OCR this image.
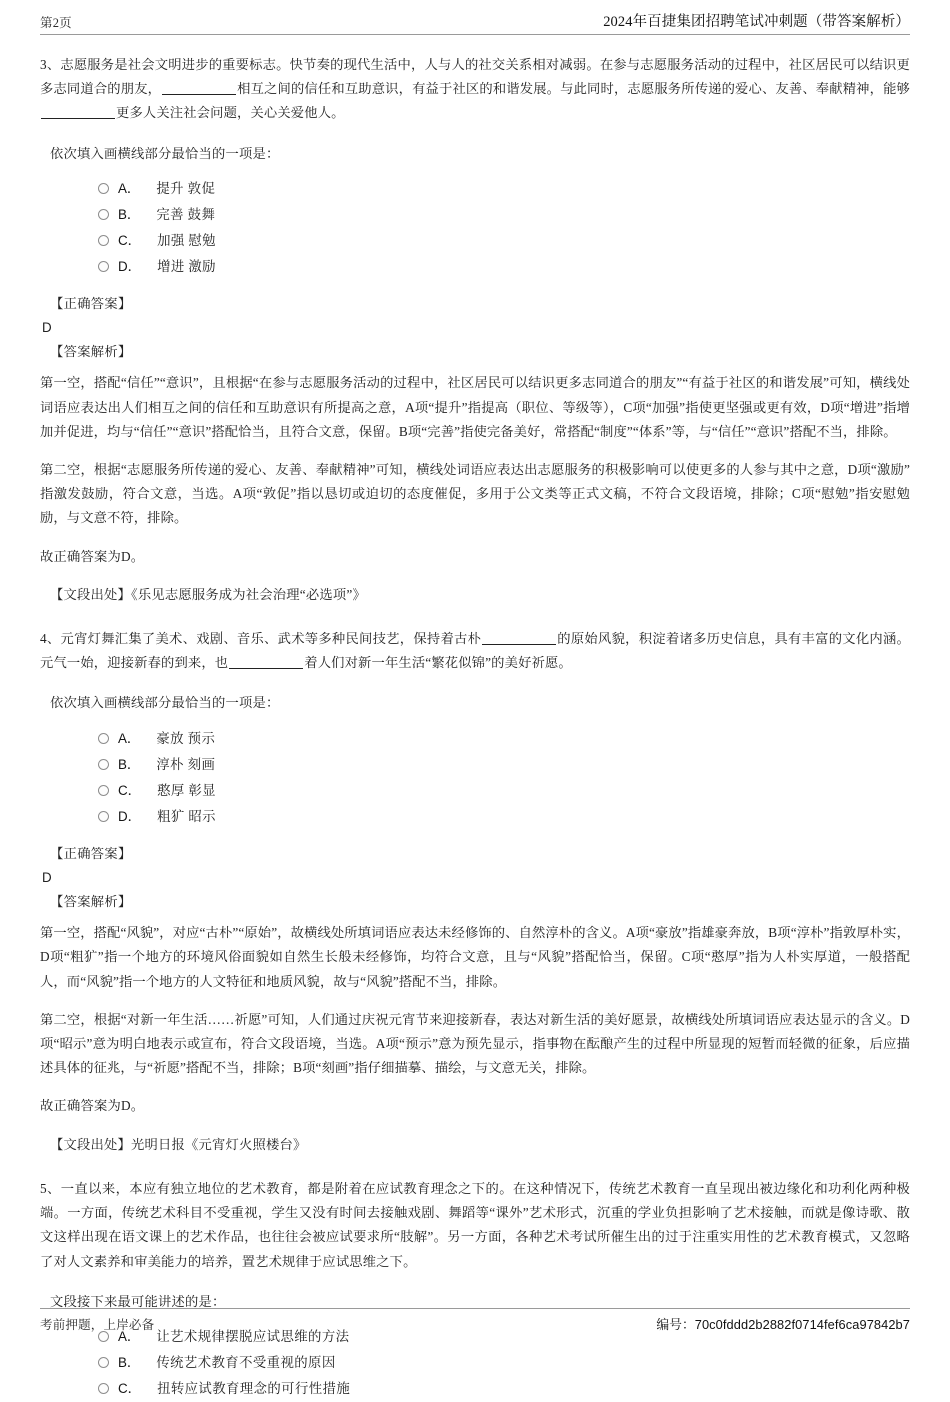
第2页	2024年百捷集团招聘笔试冲刺题（带答案解析）

3、志愿服务是社会文明进步的重要标志。快节奏的现代生活中，人与人的社交关系相对减弱。在参与志愿服务活动的过程中，社区居民可以结识更多志同道合的朋友，	相互之间的信任和互助意识，有益于社区的和谐发展。与此同时，志愿服务所传递的爱心、友善、奉献精神，能够更多人关注社会问题，关心关爱他人。

依次填入画横线部分最恰当的一项是：

A． 提升 敦促
B． 完善 鼓舞
C． 加强 慰勉
D． 增进 激励

【正确答案】

D

【答案解析】

第一空，搭配“信任”“意识”，且根据“在参与志愿服务活动的过程中，社区居民可以结识更多志同道合的朋友”“有益于社区的和谐发展”可知，横线处词语应表达出人们相互之间的信任和互助意识有所提高之意，A项“提升”指提高（职位、等级等），C项“加强”指使更坚强或更有效，D项“增进”指增加并促进，均与“信任”“意识”搭配恰当，且符合文意，保留。B项“完善”指使完备美好，常搭配“制度”“体系”等，与“信任”“意识”搭配不当，排除。

第二空，根据“志愿服务所传递的爱心、友善、奉献精神”可知，横线处词语应表达出志愿服务的积极影响可以使更多的人参与其中之意，D项“激励”指激发鼓励，符合文意，当选。A项“敦促”指以恳切或迫切的态度催促，多用于公文类等正式文稿，不符合文段语境，排除；C项“慰勉”指安慰勉励，与文意不符，排除。

故正确答案为D。

【文段出处】《乐见志愿服务成为社会治理“必选项”》

4、元宵灯舞汇集了美术、戏剧、音乐、武术等多种民间技艺，保持着古朴	的原始风貌，积淀着诸多历史信息，具有丰富的文化内涵。元气一始，迎接新春的到来，也	着人们对新一年生活“繁花似锦”的美好祈愿。

依次填入画横线部分最恰当的一项是：

A． 豪放 预示
B． 淳朴 刻画
C． 憨厚 彰显
D． 粗犷 昭示

【正确答案】

D

【答案解析】

第一空，搭配“风貌”，对应“古朴”“原始”，故横线处所填词语应表达未经修饰的、自然淳朴的含义。A项“豪放”指雄豪奔放，B项“淳朴”指敦厚朴实，D项“粗犷”指一个地方的环境风俗面貌如自然生长般未经修饰，均符合文意，且与“风貌”搭配恰当，保留。C项“憨厚”指为人朴实厚道，一般搭配人，而“风貌”指一个地方的人文特征和地质风貌，故与“风貌”搭配不当，排除。

第二空，根据“对新一年生活……祈愿”可知，人们通过庆祝元宵节来迎接新春，表达对新生活的美好愿景，故横线处所填词语应表达显示的含义。D项“昭示”意为明白地表示或宣布，符合文段语境，当选。A项“预示”意为预先显示，指事物在酝酿产生的过程中所显现的短暂而轻微的征象，后应描述具体的征兆，与“祈愿”搭配不当，排除；B项“刻画”指仔细描摹、描绘，与文意无关，排除。

故正确答案为D。

【文段出处】光明日报《元宵灯火照楼台》

5、一直以来，本应有独立地位的艺术教育，都是附着在应试教育理念之下的。在这种情况下，传统艺术教育一直呈现出被边缘化和功利化两种极端。一方面，传统艺术科目不受重视，学生又没有时间去接触戏剧、舞蹈等“课外”艺术形式，沉重的学业负担影响了艺术接触，而就是像诗歌、散文这样出现在语文课上的艺术作品，也往往会被应试要求所“肢解”。另一方面，各种艺术考试所催生出的过于注重实用性的艺术教育模式，又忽略了对人文素养和审美能力的培养，置艺术规律于应试思维之下。

文段接下来最可能讲述的是：

A． 让艺术规律摆脱应试思维的方法
B． 传统艺术教育不受重视的原因
C． 扭转应试教育理念的可行性措施
考前押题，上岸必备	编号：70c0fddd2b2882f0714fef6ca97842b7
